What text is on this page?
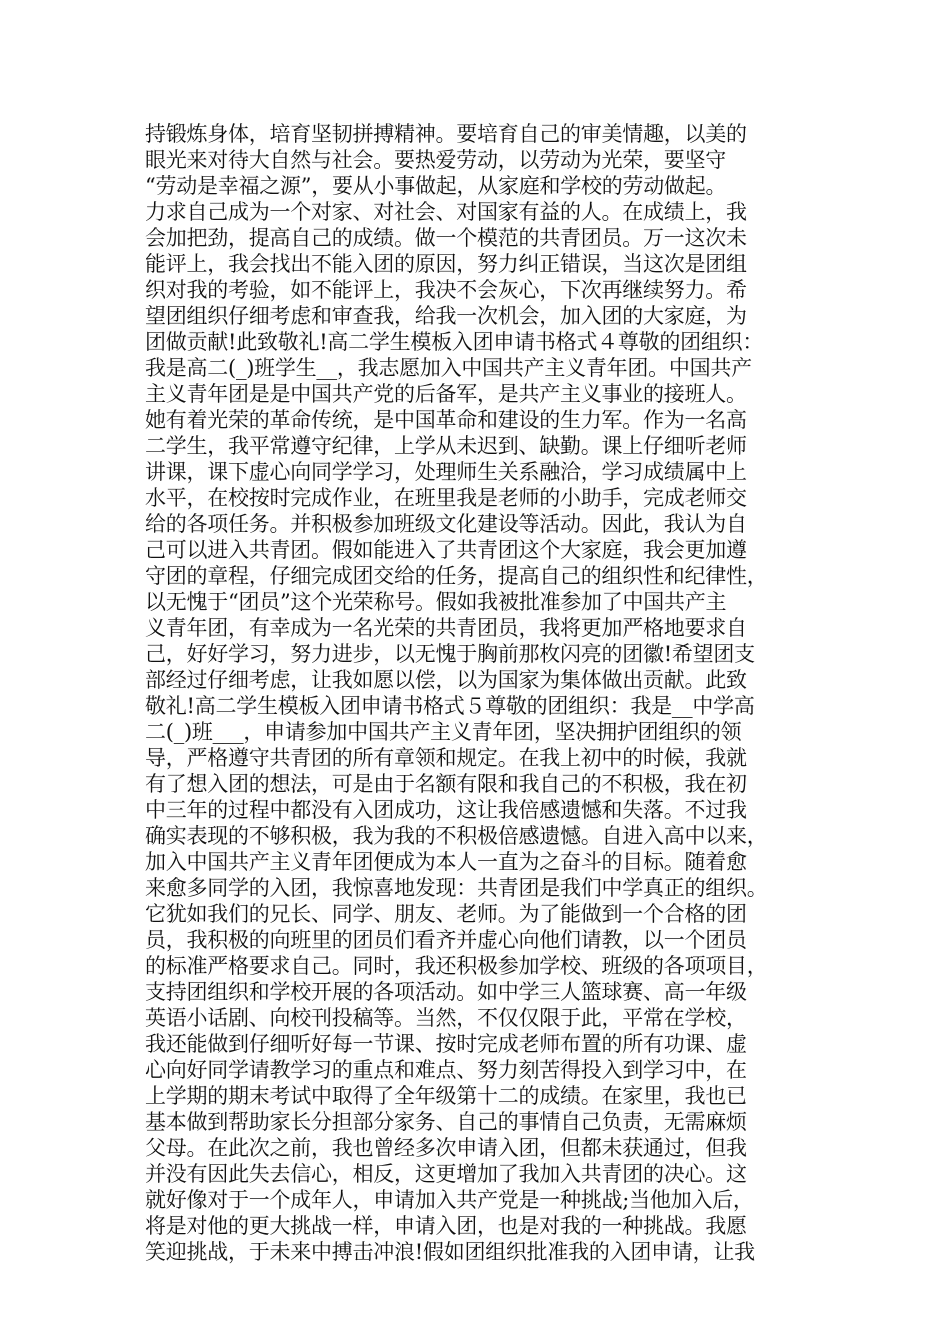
持锻炼身体，培育坚韧拼搏精神。要培育自己的审美情趣，以美的
眼光来对待大自然与社会。要热爱劳动，以劳动为光荣，要坚守
“劳动是幸福之源”，要从小事做起，从家庭和学校的劳动做起。
力求自己成为一个对家、对社会、对国家有益的人。在成绩上，我
会加把劲，提高自己的成绩。做一个模范的共青团员。万一这次未
能评上，我会找出不能入团的原因，努力纠正错误，当这次是团组
织对我的考验，如不能评上，我决不会灰心，下次再继续努力。希
望团组织仔细考虑和审查我，给我一次机会，加入团的大家庭，为
团做贡献!此致敬礼!高二学生模板入团申请书格式４尊敬的团组织：
我是高二(_)班学生__，我志愿加入中国共产主义青年团。中国共产
主义青年团是是中国共产党的后备军，是共产主义事业的接班人。
她有着光荣的革命传统，是中国革命和建设的生力军。作为一名高
二学生，我平常遵守纪律，上学从未迟到、缺勤。课上仔细听老师
讲课，课下虚心向同学学习，处理师生关系融洽，学习成绩属中上
水平，在校按时完成作业，在班里我是老师的小助手，完成老师交
给的各项任务。并积极参加班级文化建设等活动。因此，我认为自
己可以进入共青团。假如能进入了共青团这个大家庭，我会更加遵
守团的章程，仔细完成团交给的任务，提高自己的组织性和纪律性，
以无愧于“团员”这个光荣称号。假如我被批准参加了中国共产主
义青年团，有幸成为一名光荣的共青团员，我将更加严格地要求自
己，好好学习，努力进步，以无愧于胸前那枚闪亮的团徽!希望团支
部经过仔细考虑，让我如愿以偿，以为国家为集体做出贡献。此致
敬礼!高二学生模板入团申请书格式５尊敬的团组织：我是__中学高
二(_)班___，申请参加中国共产主义青年团，坚决拥护团组织的领
导，严格遵守共青团的所有章领和规定。在我上初中的时候，我就
有了想入团的想法，可是由于名额有限和我自己的不积极，我在初
中三年的过程中都没有入团成功，这让我倍感遗憾和失落。不过我
确实表现的不够积极，我为我的不积极倍感遗憾。自进入高中以来，
加入中国共产主义青年团便成为本人一直为之奋斗的目标。随着愈
来愈多同学的入团，我惊喜地发现：共青团是我们中学真正的组织。
它犹如我们的兄长、同学、朋友、老师。为了能做到一个合格的团
员，我积极的向班里的团员们看齐并虚心向他们请教，以一个团员
的标准严格要求自己。同时，我还积极参加学校、班级的各项项目，
支持团组织和学校开展的各项活动。如中学三人篮球赛、高一年级
英语小话剧、向校刊投稿等。当然，不仅仅限于此，平常在学校，
我还能做到仔细听好每一节课、按时完成老师布置的所有功课、虚
心向好同学请教学习的重点和难点、努力刻苦得投入到学习中，在
上学期的期末考试中取得了全年级第十二的成绩。在家里，我也已
基本做到帮助家长分担部分家务、自己的事情自己负责，无需麻烦
父母。在此次之前，我也曾经多次申请入团，但都未获通过，但我
并没有因此失去信心，相反，这更增加了我加入共青团的决心。这
就好像对于一个成年人，申请加入共产党是一种挑战;当他加入后，
将是对他的更大挑战一样，申请入团，也是对我的一种挑战。我愿
笑迎挑战，于未来中搏击冲浪!假如团组织批准我的入团申请，让我
